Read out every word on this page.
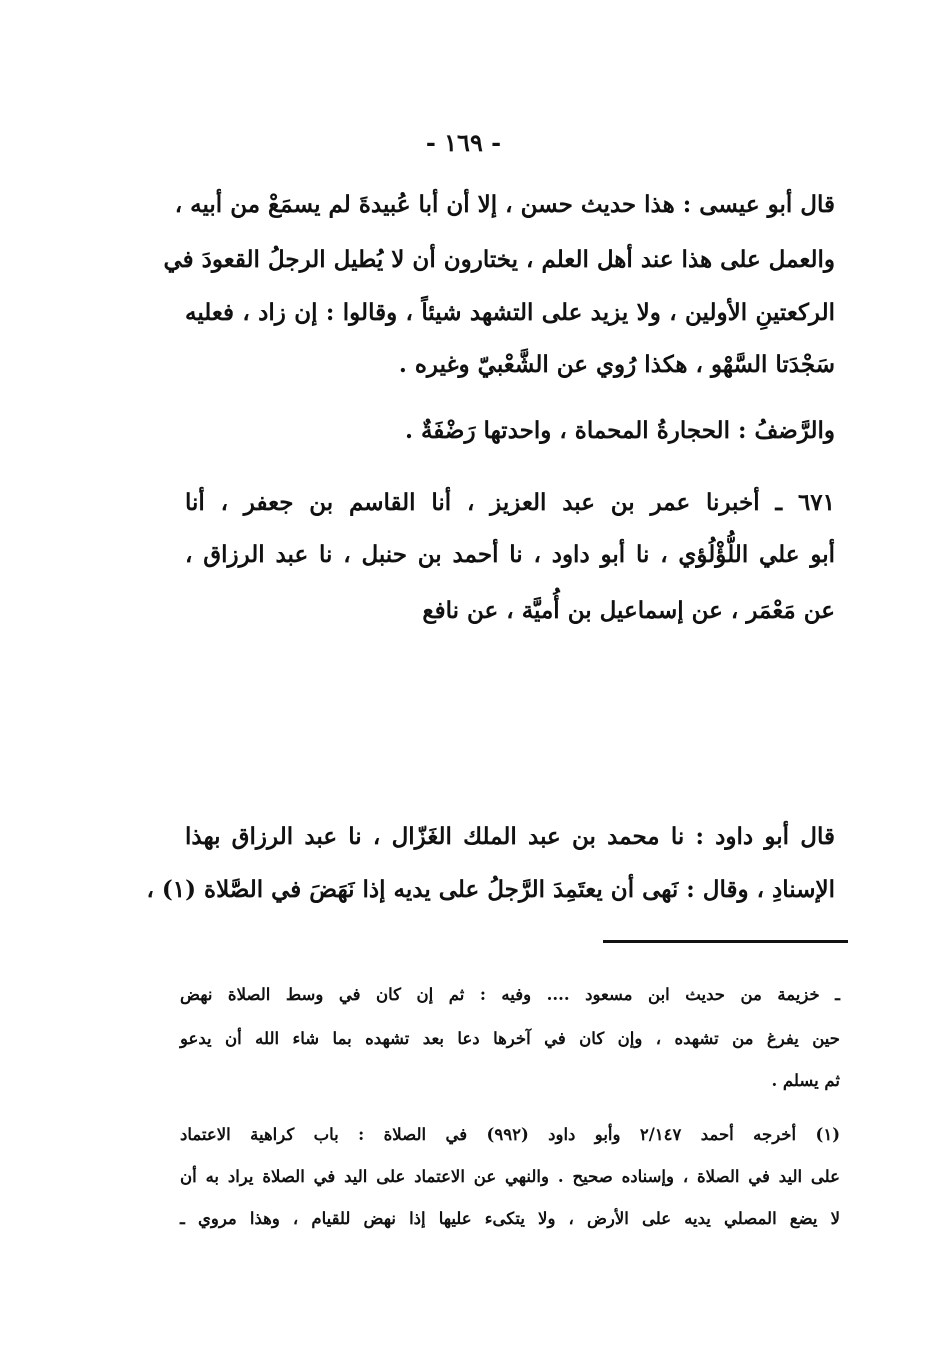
- ١٦٩ -
قال أبو عيسى : هذا حديث حسن ، إلا أن أبا عُبيدةَ لم يسمَعْ من أبيه ،
والعمل على هذا عند أهل العلم ، يختارون أن لا يُطيل الرجلُ القعودَ في
الركعتينِ الأولين ، ولا يزيد على التشهد شيئاً ، وقالوا : إن زاد ، فعليه
سَجْدَتا السَّهْو ، هكذا رُوي عن الشَّعْبيّ وغيره .
والرَّضفُ : الحجارةُ المحماة ، واحدتها رَضْفَةٌ .
٦٧١ ـ أخبرنا عمر بن عبد العزيز ، أنا القاسم بن جعفر ، أنا
أبو علي اللُّؤْلُؤي ، نا أبو داود ، نا أحمد بن حنبل ، نا عبد الرزاق ،
عن مَعْمَر ، عن إسماعيل بن أُميَّة ، عن نافع
قال أبو داود : نا محمد بن عبد الملك الغَزّال ، نا عبد الرزاق بهذا
الإسنادِ ، وقال : نَهى أن يعتَمِدَ الرَّجلُ على يديه إذا نَهَضَ في الصَّلاة (١) ،
ـ خزيمة من حديث ابن مسعود .... وفيه : ثم إن كان في وسط الصلاة نهض
حين يفرغ من تشهده ، وإن كان في آخرها دعا بعد تشهده بما شاء الله أن يدعو
ثم يسلم .
(١) أخرجه أحمد ٢/١٤٧ وأبو داود (٩٩٢) في الصلاة : باب كراهية الاعتماد
على اليد في الصلاة ، وإسناده صحيح . والنهي عن الاعتماد على اليد في الصلاة يراد به أن
لا يضع المصلي يديه على الأرض ، ولا يتكىء عليها إذا نهض للقيام ، وهذا مروي ـ
